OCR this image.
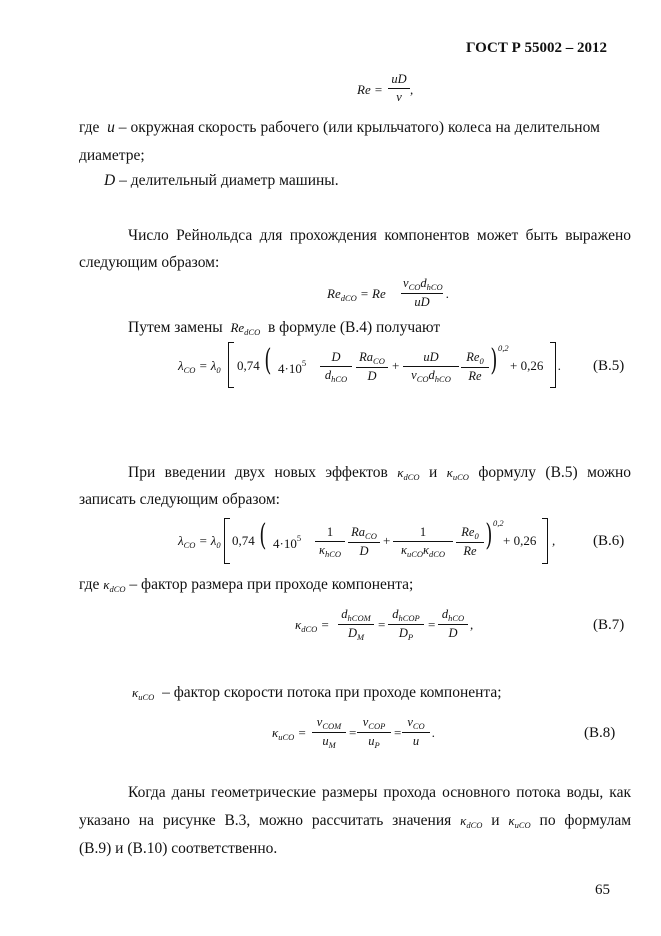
ГОСТ Р 55002 – 2012
Re =
uD
ν ,
где u – окружная скорость рабочего (или крыльчатого) колеса на делительном
диаметре;
D – делительный диаметр машины.
Число Рейнольдса для прохождения компонентов может быть выражено
следующим образом:
$Re_{dCO} = Re$
$v_{CO}d_{hCO}$
uD
.
Путем замены $Re_{dCO}$ в формуле (В.4) получают
$\lambda_{CO} = \lambda_0$ 0,74 ( $4\cdot 10^5$	D
$d_{hCO}$
$Ra_{CO}$
D
+
uD
$v_{CO}d_{hCO}$
$Re_0$
Re ) 0,2
+ 0,26 . (В.5)
При введении двух новых эффектов $\kappa_{dCO}$ и $\kappa_{uCO}$ формулу (В.5) можно
записать следующим образом:
$\lambda_{CO} = \lambda_0$ 0,74 ( $4\cdot 10^5$	1
$\kappa_{hCO}$
$Ra_{CO}$
D
+
1
$\kappa_{uCO}\kappa_{dCO}$
$Re_0$
Re ) 0,2
+ 0,26 ,	(В.6)
где $\kappa_{dCO}$ – фактор размера при проходе компонента;
$\kappa_{dCO}$ =
$d_{hCOM}$
$D_M$
=
$d_{hCOP}$
$D_P$
=
$d_{hCO}$
D
,	(В.7)
$\kappa_{uCO}$ – фактор скорости потока при проходе компонента;
$\kappa_{uCO}$ =
$v_{COM}$
$u_M$
=
$v_{COP}$
$u_P$
=
$v_{CO}$
u
.	(В.8)
Когда даны геометрические размеры прохода основного потока воды, как
указано на рисунке В.3, можно рассчитать значения $\kappa_{dCO}$ и $\kappa_{uCO}$ по формулам
(В.9) и (В.10) соответственно.
65
